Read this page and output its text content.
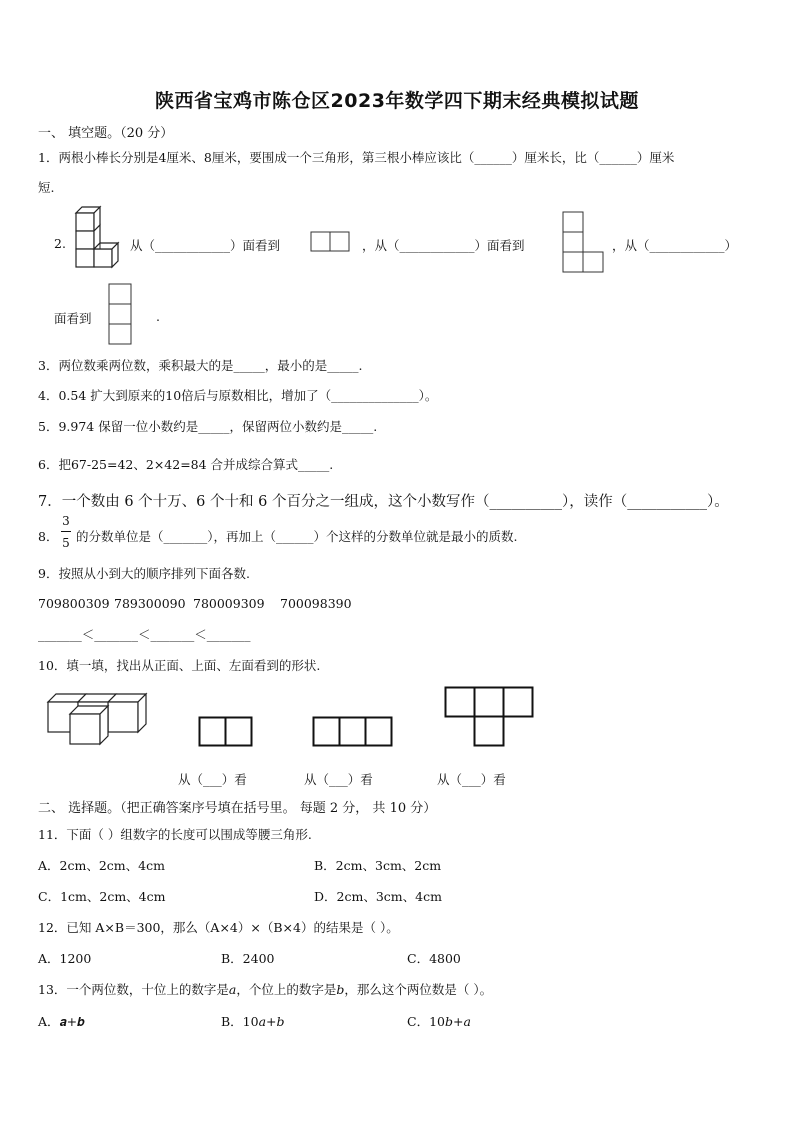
陕西省宝鸡市陈仓区2023年数学四下期末经典模拟试题
一、 填空题。（20 分）
1．两根小棒长分别是4厘米、8厘米，要围成一个三角形，第三根小棒应该比（______）厘米长，比（______）厘米
短.
2.	从（____________）面看到	，从（____________）面看到	，从（____________）
面看到	.
3．两位数乘两位数，乘积最大的是_____，最小的是_____.
4．0.54 扩大到原来的10倍后与原数相比，增加了（______________）。
5．9.974 保留一位小数约是_____，保留两位小数约是_____.
6．把67-25=42、2×42=84 合并成综合算式_____.
7．一个数由 6 个十万、6 个十和 6 个百分之一组成，这个小数写作（__________），读作（___________）。
8．
3
5 的分数单位是（_______），再加上（______）个这样的分数单位就是最小的质数.
9．按照从小到大的顺序排列下面各数.
709800309 789300090 780009309 700098390
_______＜_______＜_______＜_______
10．填一填，找出从正面、上面、左面看到的形状.
从（___）看	从（___）看	从（___）看
二、 选择题。（把正确答案序号填在括号里。 每题 2 分， 共 10 分）
11．下面（ ）组数字的长度可以围成等腰三角形.
A．2cm、2cm、4cm	B．2cm、3cm、2cm
C．1cm、2cm、4cm	D．2cm、3cm、4cm
12．已知 A×B＝300，那么（A×4）×（B×4）的结果是（ ）。
A．1200	B．2400	C．4800
13．一个两位数，十位上的数字是𝑎，个位上的数字是𝑏，那么这个两位数是（ ）。
A．𝒂+𝒃	B．10𝑎+𝑏	C．10𝑏+𝑎
